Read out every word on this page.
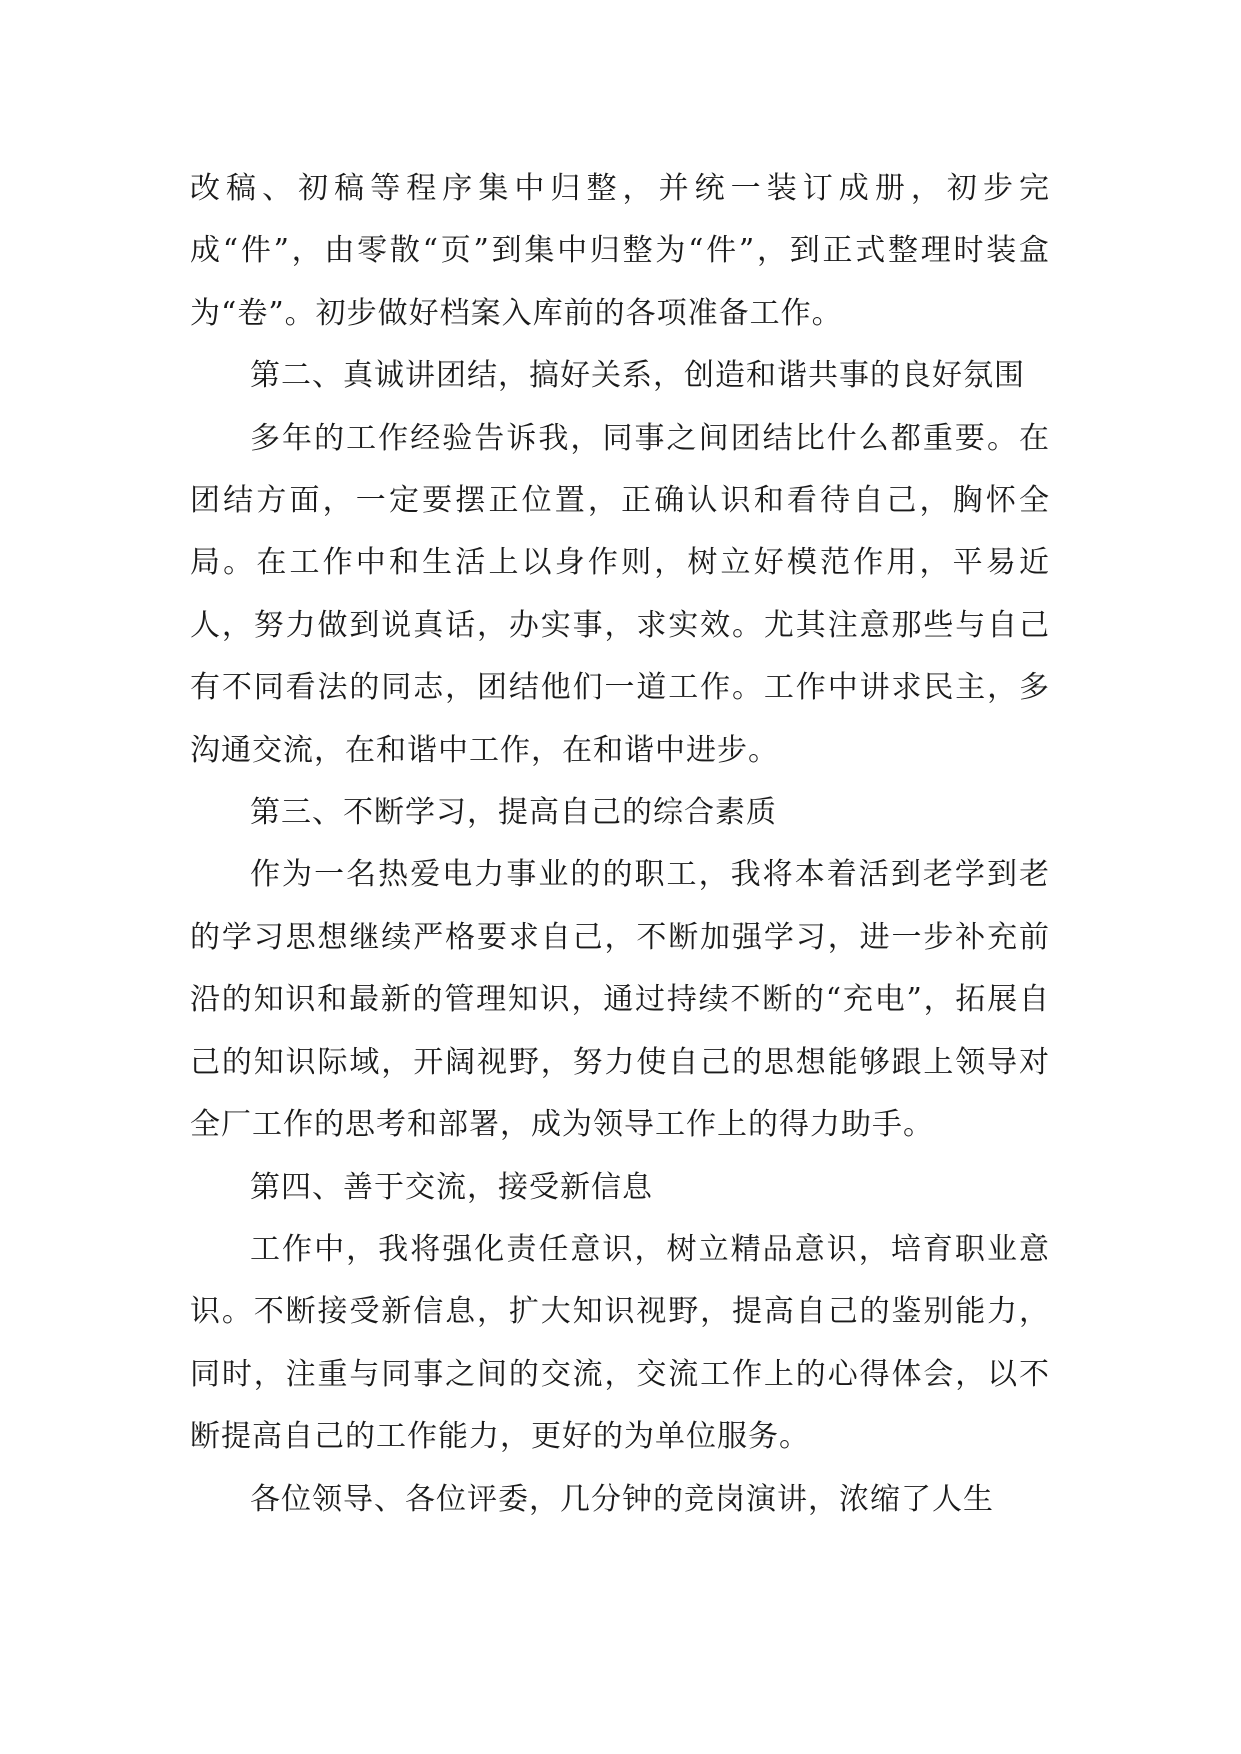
改稿、初稿等程序集中归整，并统一装订成册，初步完成“件”，由零散“页”到集中归整为“件”，到正式整理时装盒为“卷”。初步做好档案入库前的各项准备工作。

第二、真诚讲团结，搞好关系，创造和谐共事的良好氛围

多年的工作经验告诉我，同事之间团结比什么都重要。在团结方面，一定要摆正位置，正确认识和看待自己，胸怀全局。在工作中和生活上以身作则，树立好模范作用，平易近人，努力做到说真话，办实事，求实效。尤其注意那些与自己有不同看法的同志，团结他们一道工作。工作中讲求民主，多沟通交流，在和谐中工作，在和谐中进步。

第三、不断学习，提高自己的综合素质

作为一名热爱电力事业的的职工，我将本着活到老学到老的学习思想继续严格要求自己，不断加强学习，进一步补充前沿的知识和最新的管理知识，通过持续不断的“充电”，拓展自己的知识际域，开阔视野，努力使自己的思想能够跟上领导对全厂工作的思考和部署，成为领导工作上的得力助手。

第四、善于交流，接受新信息

工作中，我将强化责任意识，树立精品意识，培育职业意识。不断接受新信息，扩大知识视野，提高自己的鉴别能力，同时，注重与同事之间的交流，交流工作上的心得体会，以不断提高自己的工作能力，更好的为单位服务。

各位领导、各位评委，几分钟的竞岗演讲，浓缩了人生
